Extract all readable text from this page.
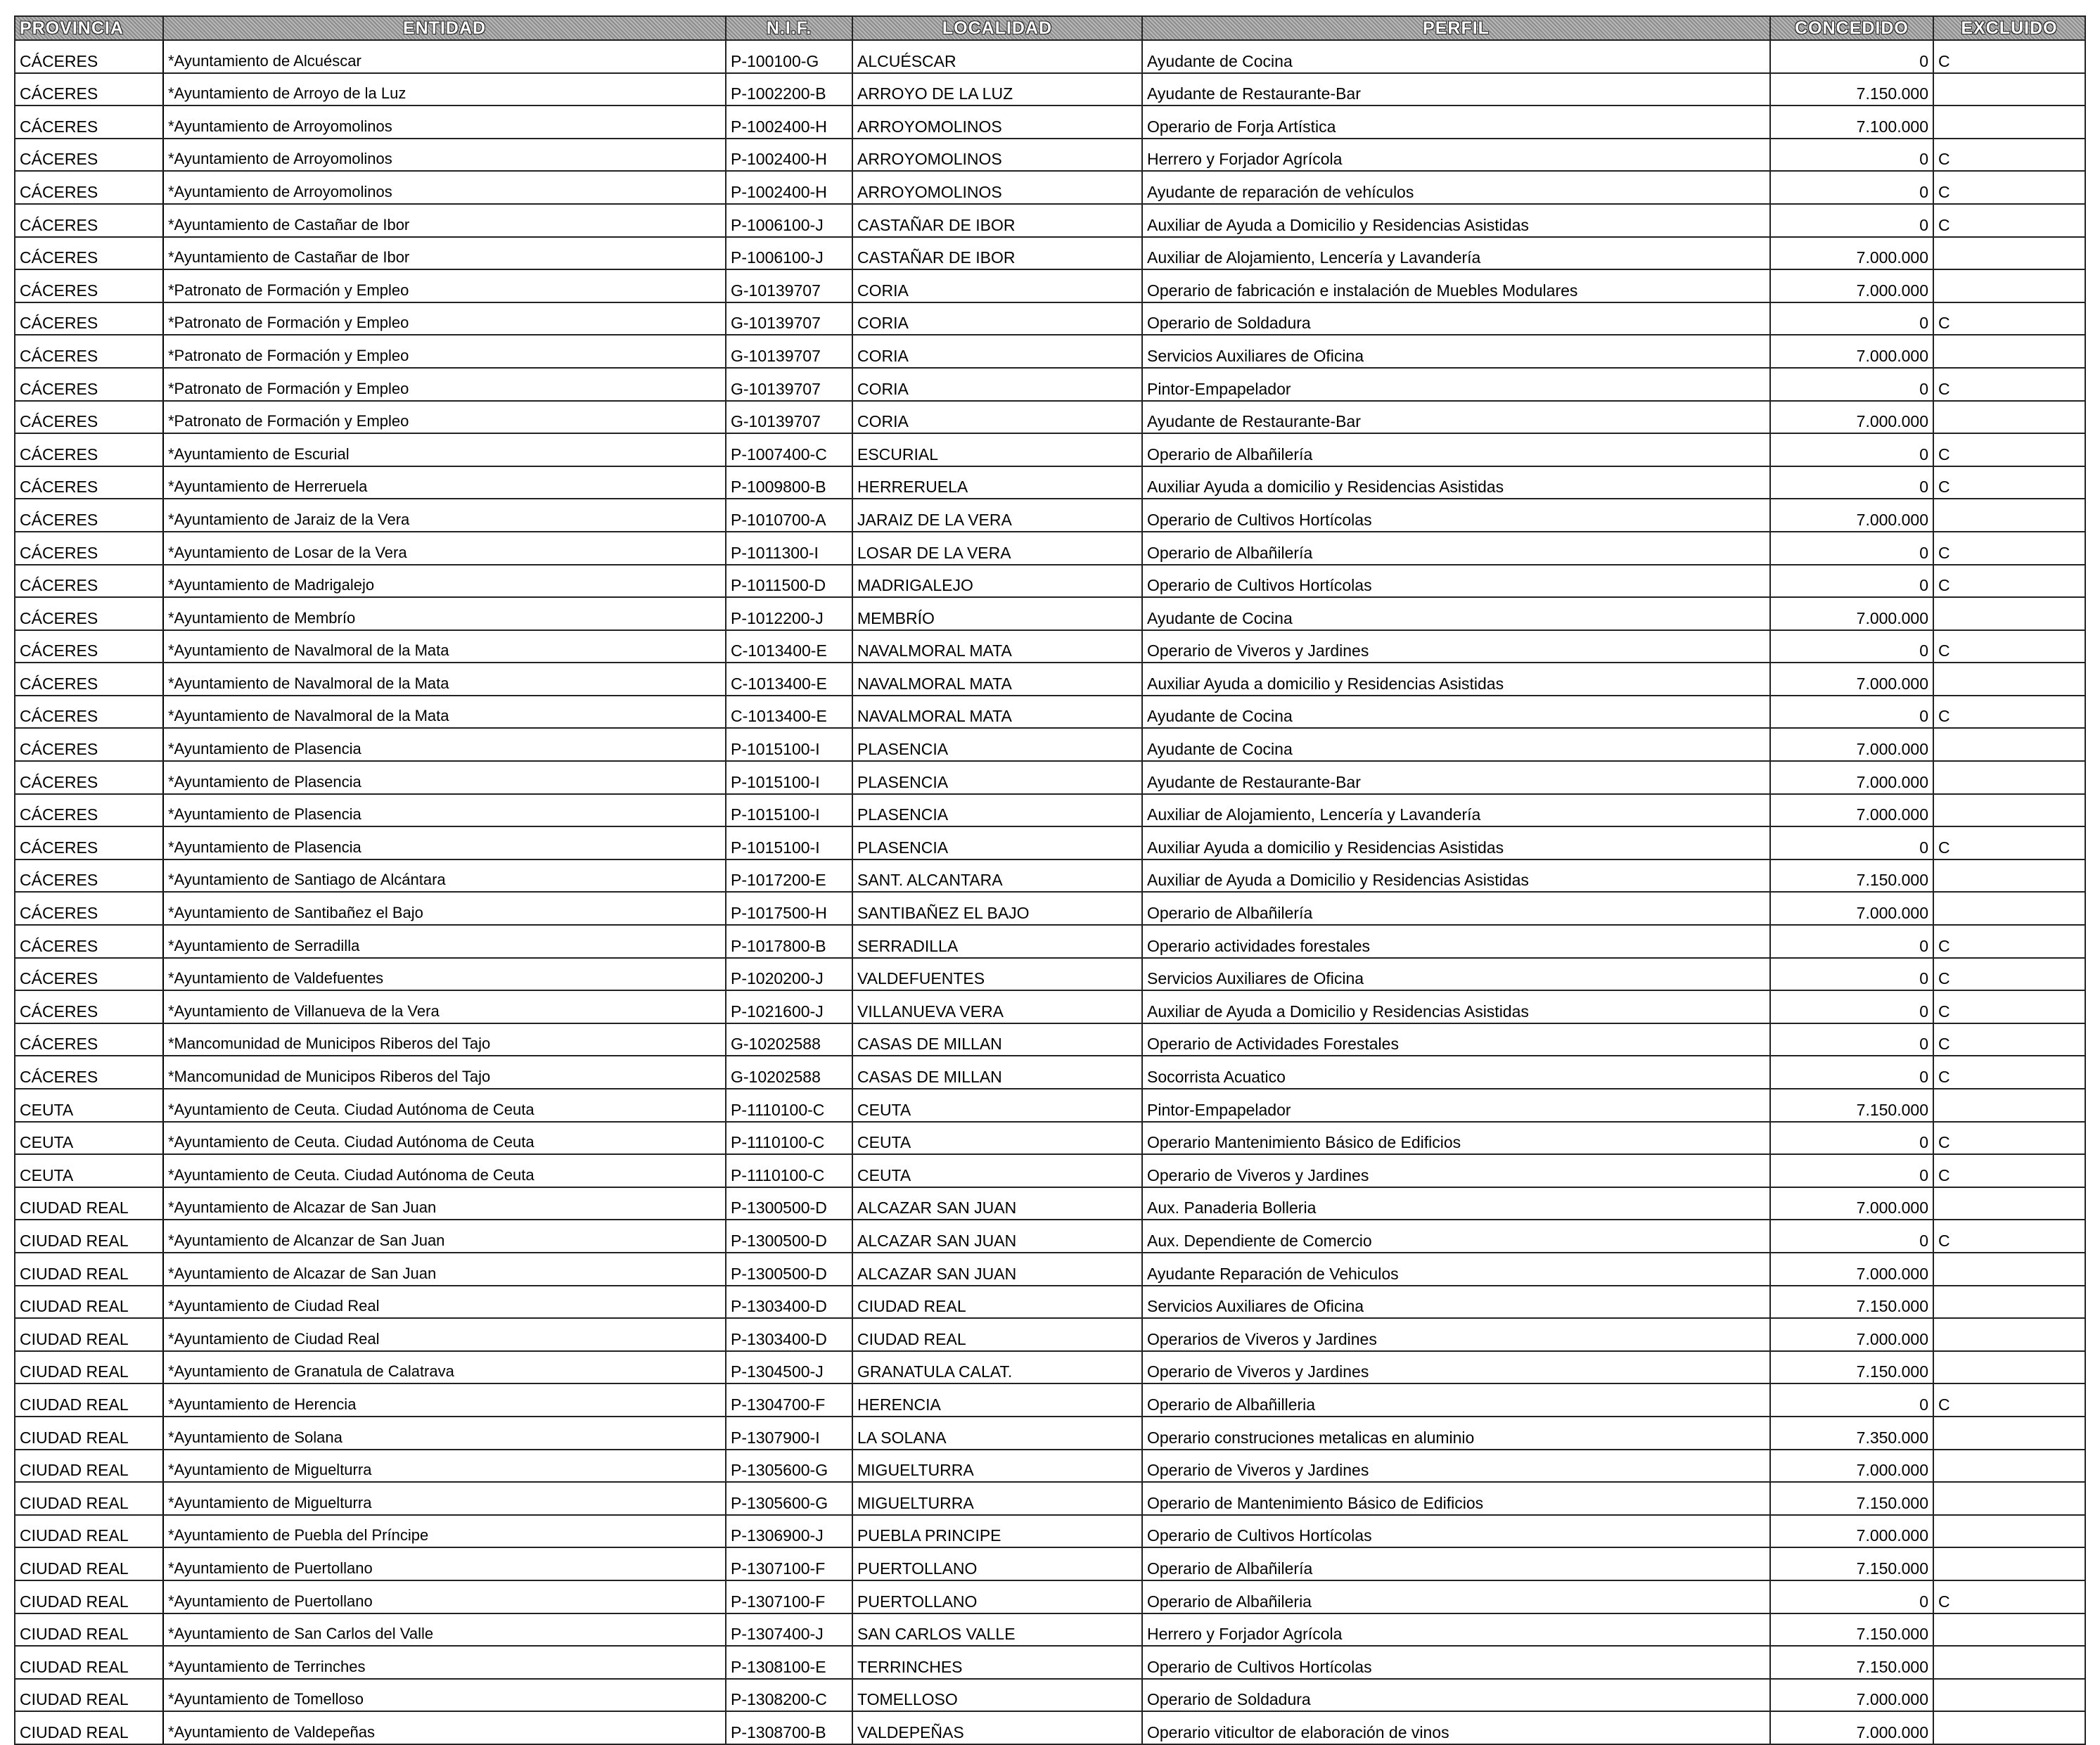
PROVINCIA	ENTIDAD	N.I.F.	LOCALIDAD	PERFIL	CONCEDIDO	EXCLUIDO
CÁCERES	*Ayuntamiento de Alcuéscar	P-100100-G	ALCUÉSCAR	Ayudante de Cocina	0	C
CÁCERES	*Ayuntamiento de Arroyo de la Luz	P-1002200-B	ARROYO DE LA LUZ	Ayudante de Restaurante-Bar	7.150.000	
CÁCERES	*Ayuntamiento de Arroyomolinos	P-1002400-H	ARROYOMOLINOS	Operario de Forja Artística	7.100.000	
CÁCERES	*Ayuntamiento de Arroyomolinos	P-1002400-H	ARROYOMOLINOS	Herrero y Forjador Agrícola	0	C
CÁCERES	*Ayuntamiento de Arroyomolinos	P-1002400-H	ARROYOMOLINOS	Ayudante de reparación de vehículos	0	C
CÁCERES	*Ayuntamiento de Castañar de Ibor	P-1006100-J	CASTAÑAR DE IBOR	Auxiliar de Ayuda a Domicilio y Residencias Asistidas	0	C
CÁCERES	*Ayuntamiento de Castañar de Ibor	P-1006100-J	CASTAÑAR DE IBOR	Auxiliar de Alojamiento, Lencería y Lavandería	7.000.000	
CÁCERES	*Patronato de Formación y Empleo	G-10139707	CORIA	Operario de fabricación e instalación de Muebles Modulares	7.000.000	
CÁCERES	*Patronato de Formación y Empleo	G-10139707	CORIA	Operario de Soldadura	0	C
CÁCERES	*Patronato de Formación y Empleo	G-10139707	CORIA	Servicios Auxiliares de Oficina	7.000.000	
CÁCERES	*Patronato de Formación y Empleo	G-10139707	CORIA	Pintor-Empapelador	0	C
CÁCERES	*Patronato de Formación y Empleo	G-10139707	CORIA	Ayudante de Restaurante-Bar	7.000.000	
CÁCERES	*Ayuntamiento de Escurial	P-1007400-C	ESCURIAL	Operario de Albañilería	0	C
CÁCERES	*Ayuntamiento de Herreruela	P-1009800-B	HERRERUELA	Auxiliar Ayuda a domicilio y Residencias Asistidas	0	C
CÁCERES	*Ayuntamiento de Jaraiz de la Vera	P-1010700-A	JARAIZ DE LA VERA	Operario de Cultivos Hortícolas	7.000.000	
CÁCERES	*Ayuntamiento de Losar de la Vera	P-1011300-I	LOSAR DE LA VERA	Operario de Albañilería	0	C
CÁCERES	*Ayuntamiento de Madrigalejo	P-1011500-D	MADRIGALEJO	Operario de Cultivos Hortícolas	0	C
CÁCERES	*Ayuntamiento de Membrío	P-1012200-J	MEMBRÍO	Ayudante de Cocina	7.000.000	
CÁCERES	*Ayuntamiento de Navalmoral de la Mata	C-1013400-E	NAVALMORAL MATA	Operario de Viveros y Jardines	0	C
CÁCERES	*Ayuntamiento de Navalmoral de la Mata	C-1013400-E	NAVALMORAL MATA	Auxiliar Ayuda a domicilio y Residencias Asistidas	7.000.000	
CÁCERES	*Ayuntamiento de Navalmoral de la Mata	C-1013400-E	NAVALMORAL MATA	Ayudante de Cocina	0	C
CÁCERES	*Ayuntamiento de Plasencia	P-1015100-I	PLASENCIA	Ayudante de Cocina	7.000.000	
CÁCERES	*Ayuntamiento de Plasencia	P-1015100-I	PLASENCIA	Ayudante de Restaurante-Bar	7.000.000	
CÁCERES	*Ayuntamiento de Plasencia	P-1015100-I	PLASENCIA	Auxiliar de Alojamiento, Lencería y Lavandería	7.000.000	
CÁCERES	*Ayuntamiento de Plasencia	P-1015100-I	PLASENCIA	Auxiliar Ayuda a domicilio y Residencias Asistidas	0	C
CÁCERES	*Ayuntamiento de Santiago de Alcántara	P-1017200-E	SANT. ALCANTARA	Auxiliar de Ayuda a Domicilio y Residencias Asistidas	7.150.000	
CÁCERES	*Ayuntamiento de Santibañez el Bajo	P-1017500-H	SANTIBAÑEZ EL BAJO	Operario de Albañilería	7.000.000	
CÁCERES	*Ayuntamiento de Serradilla	P-1017800-B	SERRADILLA	Operario actividades forestales	0	C
CÁCERES	*Ayuntamiento de Valdefuentes	P-1020200-J	VALDEFUENTES	Servicios Auxiliares de Oficina	0	C
CÁCERES	*Ayuntamiento de Villanueva de la Vera	P-1021600-J	VILLANUEVA VERA	Auxiliar de Ayuda a Domicilio y Residencias Asistidas	0	C
CÁCERES	*Mancomunidad de Municipos Riberos del Tajo	G-10202588	CASAS DE MILLAN	Operario de Actividades Forestales	0	C
CÁCERES	*Mancomunidad de Municipos Riberos del Tajo	G-10202588	CASAS DE MILLAN	Socorrista Acuatico	0	C
CEUTA	*Ayuntamiento de Ceuta. Ciudad Autónoma de Ceuta	P-1110100-C	CEUTA	Pintor-Empapelador	7.150.000	
CEUTA	*Ayuntamiento de Ceuta. Ciudad Autónoma de Ceuta	P-1110100-C	CEUTA	Operario Mantenimiento Básico de Edificios	0	C
CEUTA	*Ayuntamiento de Ceuta. Ciudad Autónoma de Ceuta	P-1110100-C	CEUTA	Operario de Viveros y Jardines	0	C
CIUDAD REAL	*Ayuntamiento de Alcazar de San Juan	P-1300500-D	ALCAZAR SAN JUAN	Aux. Panaderia Bolleria	7.000.000	
CIUDAD REAL	*Ayuntamiento de Alcanzar de San Juan	P-1300500-D	ALCAZAR SAN JUAN	Aux. Dependiente de Comercio	0	C
CIUDAD REAL	*Ayuntamiento de Alcazar de San Juan	P-1300500-D	ALCAZAR SAN JUAN	Ayudante Reparación de Vehiculos	7.000.000	
CIUDAD REAL	*Ayuntamiento de Ciudad Real	P-1303400-D	CIUDAD REAL	Servicios Auxiliares de Oficina	7.150.000	
CIUDAD REAL	*Ayuntamiento de Ciudad Real	P-1303400-D	CIUDAD REAL	Operarios de Viveros y Jardines	7.000.000	
CIUDAD REAL	*Ayuntamiento de Granatula de Calatrava	P-1304500-J	GRANATULA CALAT.	Operario de Viveros y Jardines	7.150.000	
CIUDAD REAL	*Ayuntamiento de Herencia	P-1304700-F	HERENCIA	Operario de Albañilleria	0	C
CIUDAD REAL	*Ayuntamiento de Solana	P-1307900-I	LA SOLANA	Operario construciones metalicas en aluminio	7.350.000	
CIUDAD REAL	*Ayuntamiento de Miguelturra	P-1305600-G	MIGUELTURRA	Operario de Viveros y Jardines	7.000.000	
CIUDAD REAL	*Ayuntamiento de Miguelturra	P-1305600-G	MIGUELTURRA	Operario de Mantenimiento Básico de Edificios	7.150.000	
CIUDAD REAL	*Ayuntamiento de Puebla del Príncipe	P-1306900-J	PUEBLA PRINCIPE	Operario de Cultivos Hortícolas	7.000.000	
CIUDAD REAL	*Ayuntamiento de Puertollano	P-1307100-F	PUERTOLLANO	Operario de Albañilería	7.150.000	
CIUDAD REAL	*Ayuntamiento de Puertollano	P-1307100-F	PUERTOLLANO	Operario de Albañileria	0	C
CIUDAD REAL	*Ayuntamiento de San Carlos del Valle	P-1307400-J	SAN CARLOS VALLE	Herrero y Forjador Agrícola	7.150.000	
CIUDAD REAL	*Ayuntamiento de Terrinches	P-1308100-E	TERRINCHES	Operario de Cultivos Hortícolas	7.150.000	
CIUDAD REAL	*Ayuntamiento de Tomelloso	P-1308200-C	TOMELLOSO	Operario de Soldadura	7.000.000	
CIUDAD REAL	*Ayuntamiento de Valdepeñas	P-1308700-B	VALDEPEÑAS	Operario viticultor de elaboración de vinos	7.000.000	
